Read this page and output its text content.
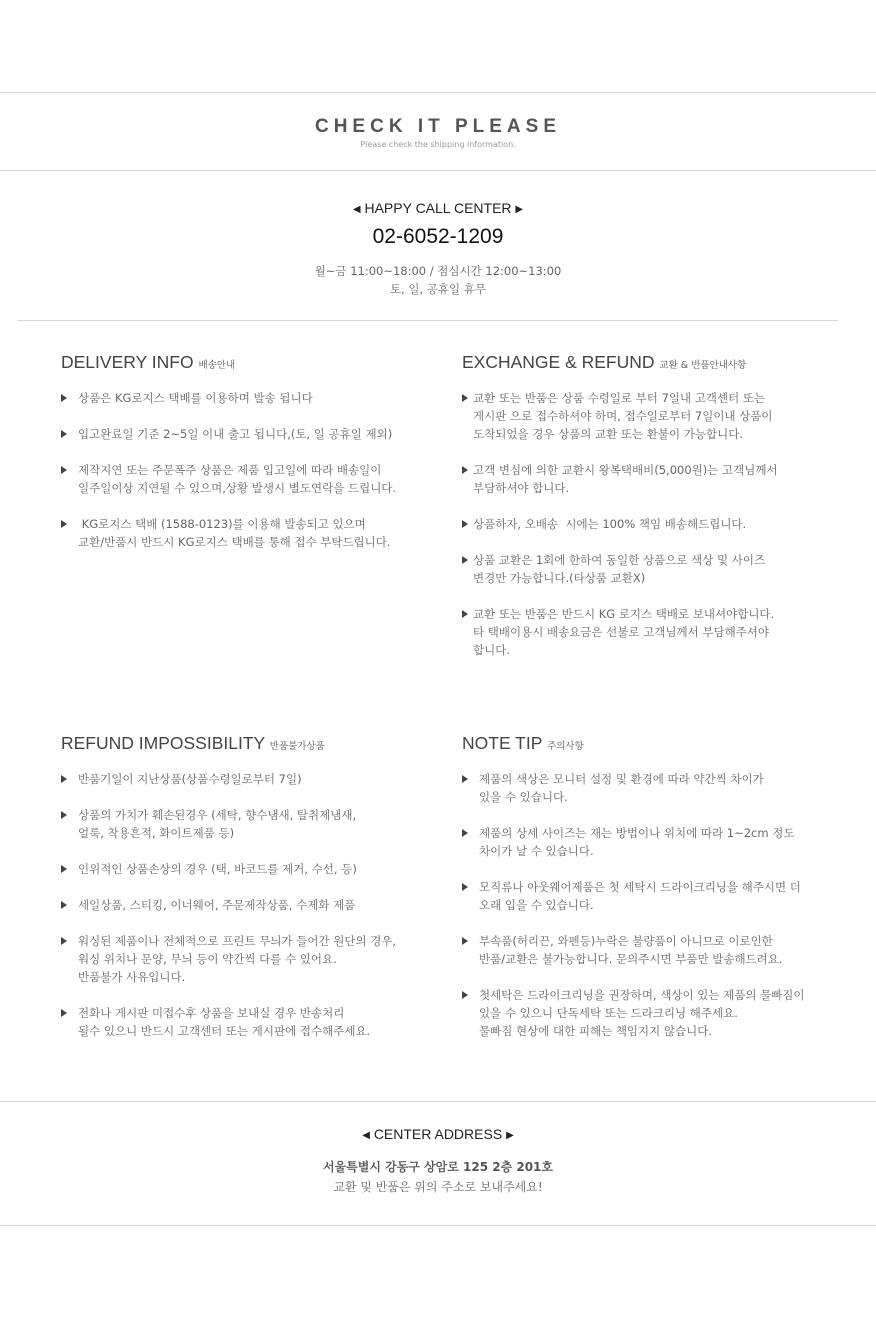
CHECK IT PLEASE
Please check the shipping information.
◀ HAPPY CALL CENTER ▶
02-6052-1209
월~금 11:00~18:00 / 점심시간 12:00~13:00
토, 일, 공휴일 휴무
DELIVERY INFO 배송안내
상품은 KG로지스 택배를 이용하며 발송 됩니다
입고완료일 기준 2~5일 이내 출고 됩니다,(토, 일 공휴일 제외)
제작지연 또는 주문폭주 상품은 제품 입고일에 따라 배송일이
일주일이상 지연될 수 있으며,상황 발생시 별도연락을 드립니다.
KG로지스 택배 (1588-0123)를 이용해 발송되고 있으며
교환/반품시 반드시 KG로지스 택배를 통해 접수 부탁드립니다.
EXCHANGE & REFUND 교환 & 반품안내사항
교환 또는 반품은 상품 수령일로 부터 7일내 고객센터 또는
게시판 으로 접수하셔야 하며, 접수일로부터 7일이내 상품이
도착되었을 경우 상품의 교환 또는 환불이 가능합니다.
고객 변심에 의한 교환시 왕복택배비(5,000원)는 고객님께서
부담하셔야 합니다.
상품하자, 오배송  시에는 100% 책임 배송해드립니다.
상품 교환은 1회에 한하여 동일한 상품으로 색상 및 사이즈
변경만 가능합니다.(타상품 교환X)
교환 또는 반품은 반드시 KG 로지스 택배로 보내셔야합니다.
타 택배이용시 배송요금은 선불로 고객님께서 부담해주셔야
합니다.
REFUND IMPOSSIBILITY 반품불가상품
반품기일이 지난상품(상품수령일로부터 7일)
상품의 가치가 훼손된경우 (세탁, 향수냄새, 탈취제냄새,
얼룩, 착용흔적, 화이트제품 등)
인위적인 상품손상의 경우 (택, 바코드를 제거, 수선, 등)
세일상품, 스티킹, 이너웨어, 주문제작상품, 수제화 제품
워싱된 제품이나 전체적으로 프린트 무늬가 들어간 원단의 경우,
워싱 위치나 문양, 무늬 등이 약간씩 다를 수 있어요.
반품불가 사유입니다.
전화나 게시판 미접수후 상품을 보내실 경우 반송처리
될수 있으니 반드시 고객센터 또는 게시판에 접수해주세요.
NOTE TIP 주의사항
제품의 색상은 모니터 설정 및 환경에 따라 약간씩 차이가
있을 수 있습니다.
제품의 상세 사이즈는 재는 방법이나 위치에 따라 1~2cm 정도
차이가 날 수 있습니다.
모직류나 아웃웨어제품은 첫 세탁시 드라이크리닝을 해주시면 더
오래 입을 수 있습니다.
부속품(허리끈, 와펜등)누락은 불량품이 아니므로 이로인한
반품/교환은 불가능합니다. 문의주시면 부품만 발송해드려요.
첫세탁은 드라이크리닝을 권장하며, 색상이 있는 제품의 물빠짐이
있을 수 있으니 단독세탁 또는 드라크리닝 해주세요.
물빠짐 현상에 대한 피해는 책임지지 않습니다.
◀ CENTER ADDRESS ▶
서울특별시 강동구 상암로 125 2층 201호
교환 및 반품은 위의 주소로 보내주세요!
